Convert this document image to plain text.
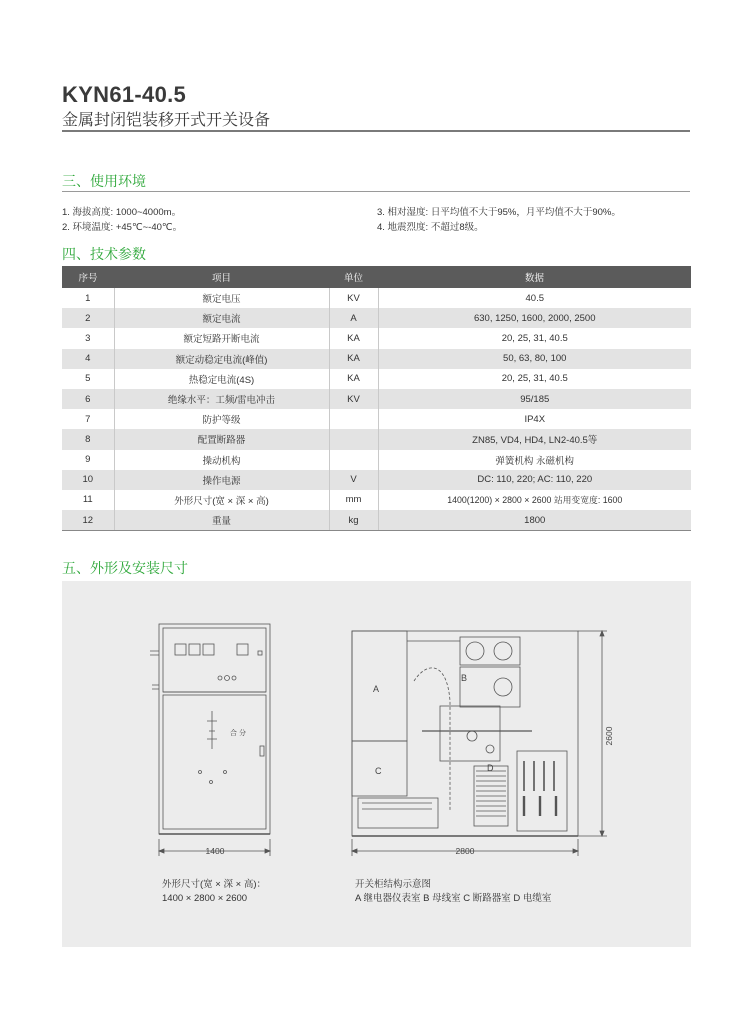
KYN61-40.5
金属封闭铠装移开式开关设备
三、使用环境
1. 海拔高度: 1000~4000m。
2. 环境温度: +45℃~-40℃。
3. 相对湿度: 日平均值不大于95%，月平均值不大于90%。
4. 地震烈度: 不超过8级。
四、技术参数
序号	项目	单位	数据
1	额定电压	KV	40.5
2	额定电流	A	630, 1250, 1600, 2000, 2500
3	额定短路开断电流	KA	20, 25, 31, 40.5
4	额定动稳定电流(峰值)	KA	50, 63, 80, 100
5	热稳定电流(4S)	KA	20, 25, 31, 40.5
6	绝缘水平：工频/雷电冲击	KV	95/185
7	防护等级		IP4X
8	配置断路器		ZN85, VD4, HD4, LN2-40.5等
9	操动机构		弹簧机构 永磁机构
10	操作电源	V	DC: 110, 220; AC: 110, 220
11	外形尺寸(宽 × 深 × 高)	mm	1400(1200) × 2800 × 2600 站用变宽度: 1600
12	重量	kg	1800
五、外形及安装尺寸
1400	2800
2600
合 分
A
B
C	D
外形尺寸(宽 × 深 × 高)：
1400 × 2800 × 2600
开关柜结构示意图
A 继电器仪表室 B 母线室 C 断路器室 D 电缆室
